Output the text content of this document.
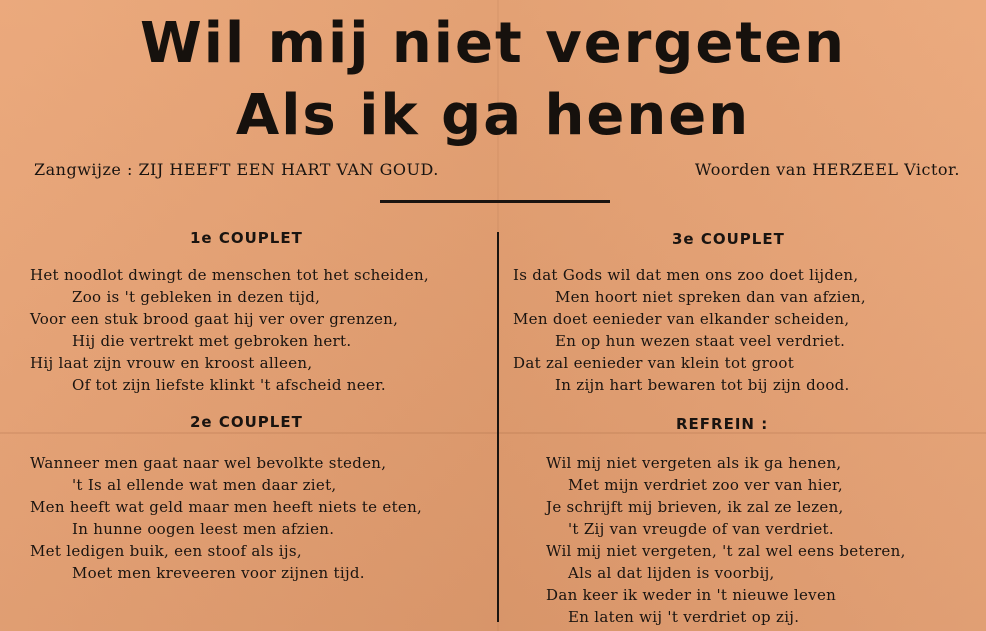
Wil mij niet vergeten
Als ik ga henen
Zangwijze : ZIJ HEEFT EEN HART VAN GOUD.	Woorden van HERZEEL Victor.
1e COUPLET
Het noodlot dwingt de menschen tot het scheiden,
Zoo is 't gebleken in dezen tijd,
Voor een stuk brood gaat hij ver over grenzen,
Hij die vertrekt met gebroken hert.
Hij laat zijn vrouw en kroost alleen,
Of tot zijn liefste klinkt 't afscheid neer.
2e COUPLET
Wanneer men gaat naar wel bevolkte steden,
't Is al ellende wat men daar ziet,
Men heeft wat geld maar men heeft niets te eten,
In hunne oogen leest men afzien.
Met ledigen buik, een stoof als ijs,
Moet men kreveeren voor zijnen tijd.
3e COUPLET
Is dat Gods wil dat men ons zoo doet lijden,
Men hoort niet spreken dan van afzien,
Men doet eenieder van elkander scheiden,
En op hun wezen staat veel verdriet.
Dat zal eenieder van klein tot groot
In zijn hart bewaren tot bij zijn dood.
REFREIN :
Wil mij niet vergeten als ik ga henen,
Met mijn verdriet zoo ver van hier,
Je schrijft mij brieven, ik zal ze lezen,
't Zij van vreugde of van verdriet.
Wil mij niet vergeten, 't zal wel eens beteren,
Als al dat lijden is voorbij,
Dan keer ik weder in 't nieuwe leven
En laten wij 't verdriet op zij.
